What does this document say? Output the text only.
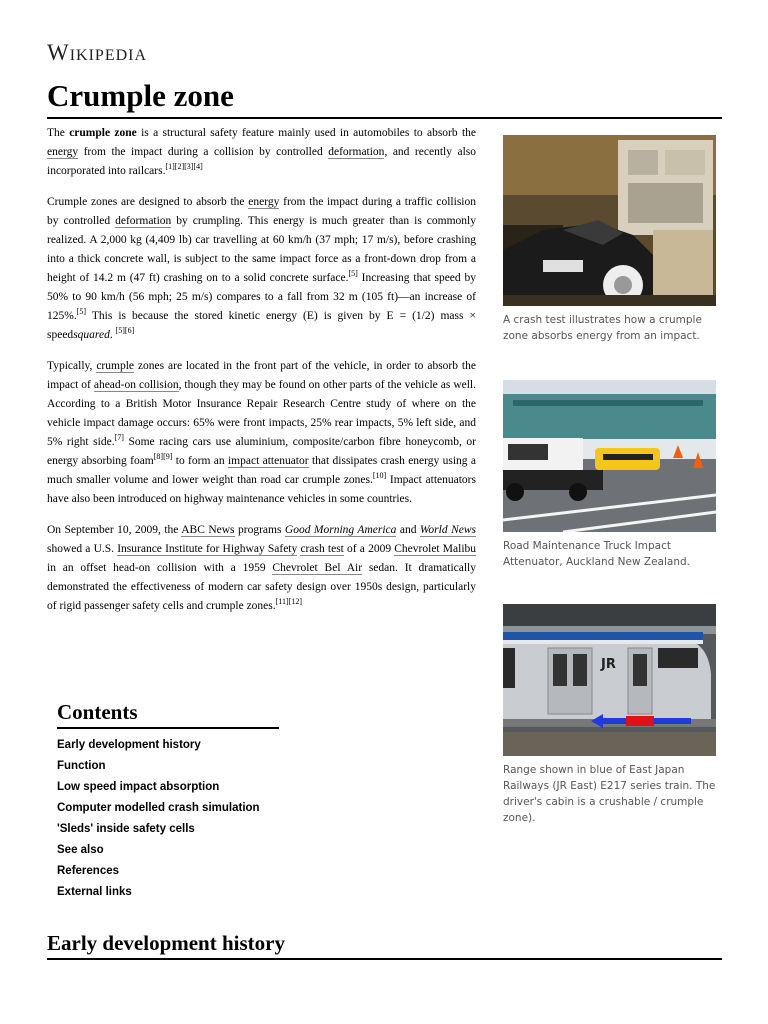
Wikipedia
Crumple zone

The crumple zone is a structural safety feature mainly used in automobiles to absorb the energy from the impact during a collision by controlled deformation, and recently also incorporated into railcars.[1][2][3][4]

Crumple zones are designed to absorb the energy from the impact during a traffic collision by controlled deformation by crumpling. This energy is much greater than is commonly realized. A 2,000 kg (4,409 lb) car travelling at 60 km/h (37 mph; 17 m/s), before crashing into a thick concrete wall, is subject to the same impact force as a front-down drop from a height of 14.2 m (47 ft) crashing on to a solid concrete surface.[5] Increasing that speed by 50% to 90 km/h (56 mph; 25 m/s) compares to a fall from 32 m (105 ft)—an increase of 125%.[5] This is because the stored kinetic energy (E) is given by E = (1/2) mass × speedsquared. [5][6]

Typically, crumple zones are located in the front part of the vehicle, in order to absorb the impact of ahead-on collision, though they may be found on other parts of the vehicle as well. According to a British Motor Insurance Repair Research Centre study of where on the vehicle impact damage occurs: 65% were front impacts, 25% rear impacts, 5% left side, and 5% right side.[7] Some racing cars use aluminium, composite/carbon fibre honeycomb, or energy absorbing foam[8][9] to form an impact attenuator that dissipates crash energy using a much smaller volume and lower weight than road car crumple zones.[10] Impact attenuators have also been introduced on highway maintenance vehicles in some countries.

On September 10, 2009, the ABC News programs Good Morning America and World News showed a U.S. Insurance Institute for Highway Safety crash test of a 2009 Chevrolet Malibu in an offset head-on collision with a 1959 Chevrolet Bel Air sedan. It dramatically demonstrated the effectiveness of modern car safety design over 1950s design, particularly of rigid passenger safety cells and crumple zones.[11][12]

A crash test illustrates how a crumple zone absorbs energy from an impact.
Road Maintenance Truck Impact Attenuator, Auckland New Zealand.
JR
Range shown in blue of East Japan Railways (JR East) E217 series train. The driver's cabin is a crushable / crumple zone).
Contents
Early development history
Function
Low speed impact absorption
Computer modelled crash simulation
'Sleds' inside safety cells
See also
References
External links
Early development history
